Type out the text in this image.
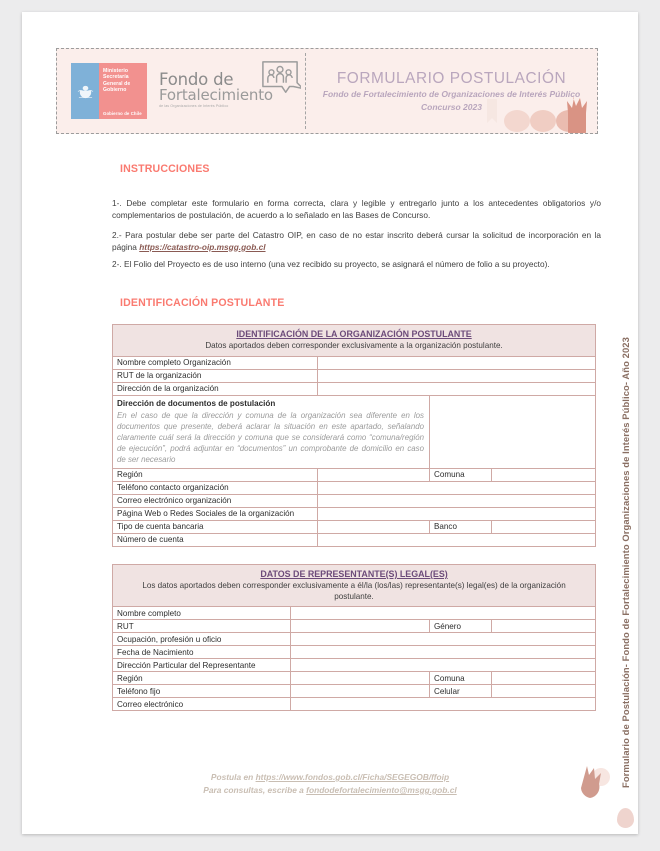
Ministerio
Secretaría
General de
Gobierno
Gobierno de Chile
Fondo de
Fortalecimiento
de las Organizaciones de Interés Público
FORMULARIO POSTULACIÓN
Fondo de Fortalecimiento de Organizaciones de Interés Público
Concurso 2023
INSTRUCCIONES
1-. Debe completar este formulario en forma correcta, clara y legible y entregarlo junto a los antecedentes obligatorios y/o complementarios de postulación, de acuerdo a lo señalado en las Bases de Concurso.
2.- Para postular debe ser parte del Catastro OIP, en caso de no estar inscrito deberá cursar la solicitud de incorporación en la página https://catastro-oip.msgg.gob.cl
2-. El Folio del Proyecto es de uso interno (una vez recibido su proyecto, se asignará el número de folio a su proyecto).
IDENTIFICACIÓN POSTULANTE
IDENTIFICACIÓN DE LA ORGANIZACIÓN POSTULANTE
Datos aportados deben corresponder exclusivamente a la organización postulante.			

Nombre completo Organización			
RUT de la organización			
Dirección de la organización			

Dirección de documentos de postulación
En el caso de que la dirección y comuna de la organización sea diferente en los documentos que presente, deberá aclarar la situación en este apartado, señalando claramente cuál será la dirección y comuna que se considerará como “comuna/región de ejecución”, podrá adjuntar en “documentos” un comprobante de domicilio en caso de ser necesario			

Región		Comuna	
Teléfono contacto organización			
Correo electrónico organización			
Página Web o Redes Sociales de la organización			
Tipo de cuenta bancaria		Banco	
Número de cuenta			
DATOS DE REPRESENTANTE(S) LEGAL(ES)
Los datos aportados deben corresponder exclusivamente a él/la (los/las) representante(s) legal(es) de la organización postulante.			

Nombre completo			
RUT		Género	
Ocupación, profesión u oficio			
Fecha de Nacimiento			
Dirección Particular del Representante			
Región		Comuna	
Teléfono fijo		Celular	
Correo electrónico			
Postula en https://www.fondos.gob.cl/Ficha/SEGEGOB/ffoip
Para consultas, escribe a fondodefortalecimiento@msgg.gob.cl
Formulario de Postulación- Fondo de Fortalecimiento Organizaciones de Interés Público- Año 2023
